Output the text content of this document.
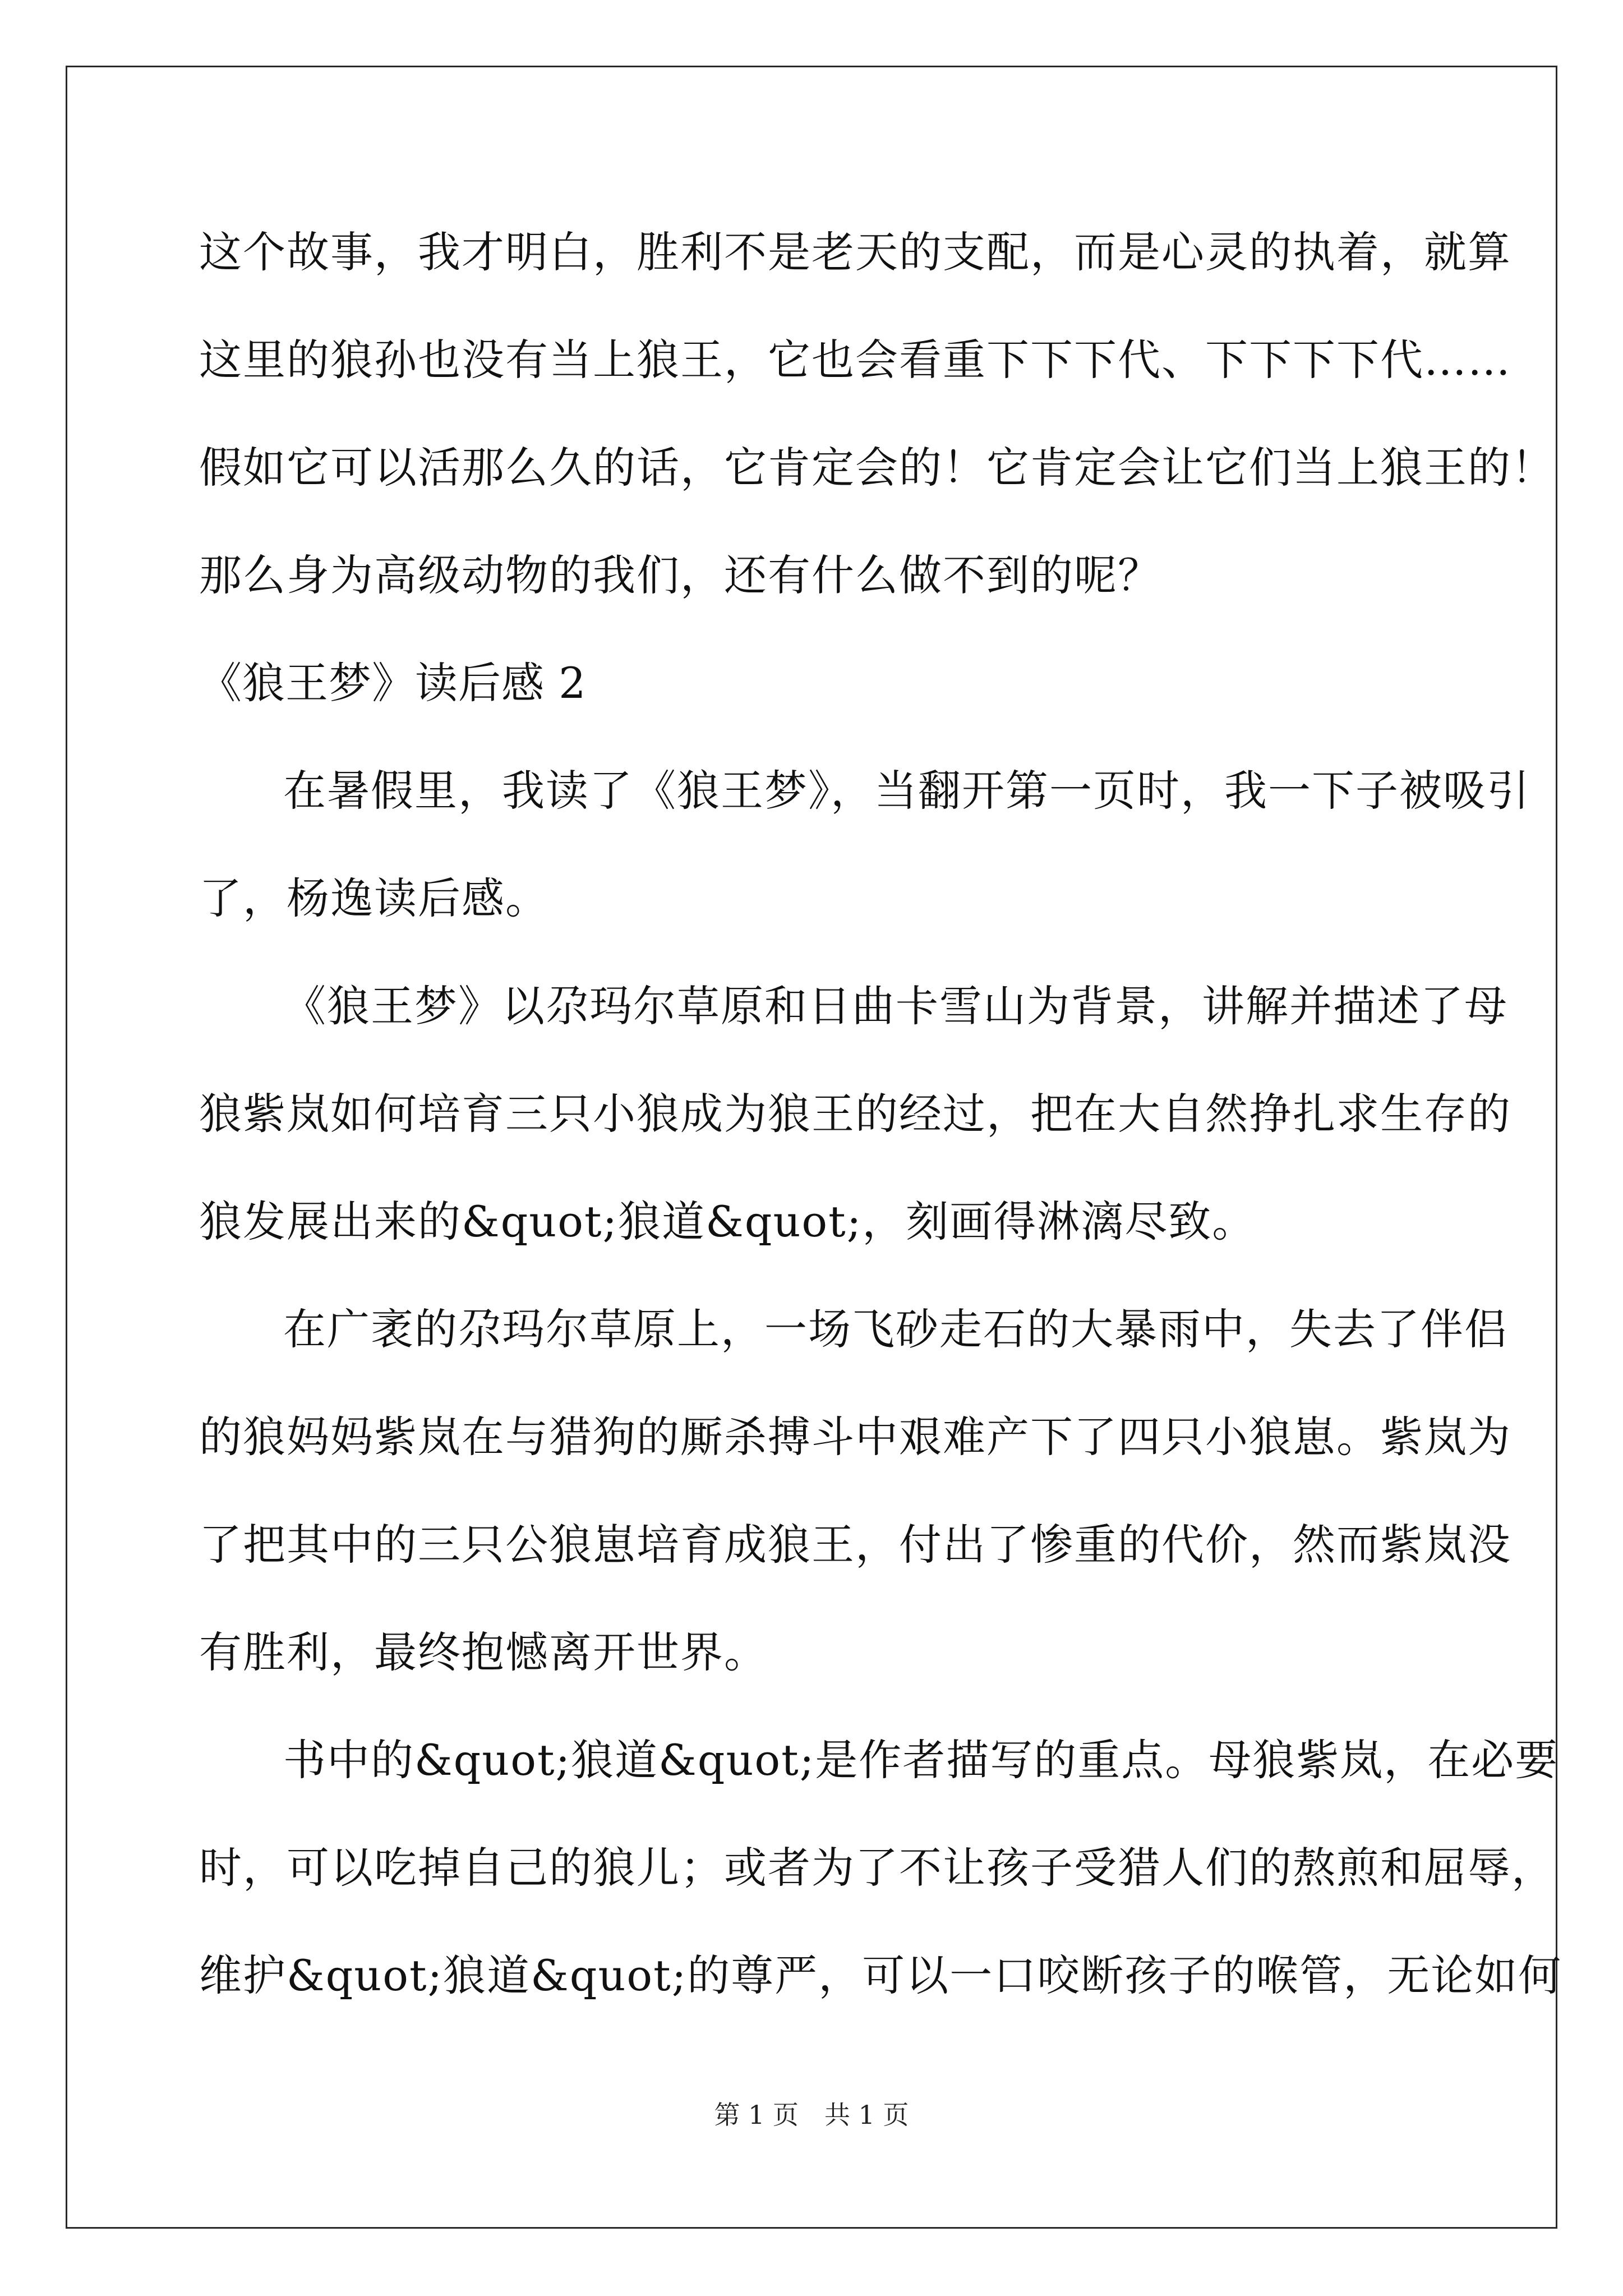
这个故事，我才明白，胜利不是老天的支配，而是心灵的执着，就算
这里的狼孙也没有当上狼王，它也会看重下下下代、下下下下代……
假如它可以活那么久的话，它肯定会的！它肯定会让它们当上狼王的！
那么身为高级动物的我们，还有什么做不到的呢？
《狼王梦》读后感 2
在暑假里，我读了《狼王梦》，当翻开第一页时，我一下子被吸引
了，杨逸读后感。
《狼王梦》以尕玛尔草原和日曲卡雪山为背景，讲解并描述了母
狼紫岚如何培育三只小狼成为狼王的经过，把在大自然挣扎求生存的
狼发展出来的&quot;狼道&quot;，刻画得淋漓尽致。
在广袤的尕玛尔草原上，一场飞砂走石的大暴雨中，失去了伴侣
的狼妈妈紫岚在与猎狗的厮杀搏斗中艰难产下了四只小狼崽。紫岚为
了把其中的三只公狼崽培育成狼王，付出了惨重的代价，然而紫岚没
有胜利，最终抱憾离开世界。
书中的&quot;狼道&quot;是作者描写的重点。母狼紫岚，在必要
时，可以吃掉自己的狼儿；或者为了不让孩子受猎人们的熬煎和屈辱，
维护&quot;狼道&quot;的尊严，可以一口咬断孩子的喉管，无论如何
第 1 页　共 1 页
